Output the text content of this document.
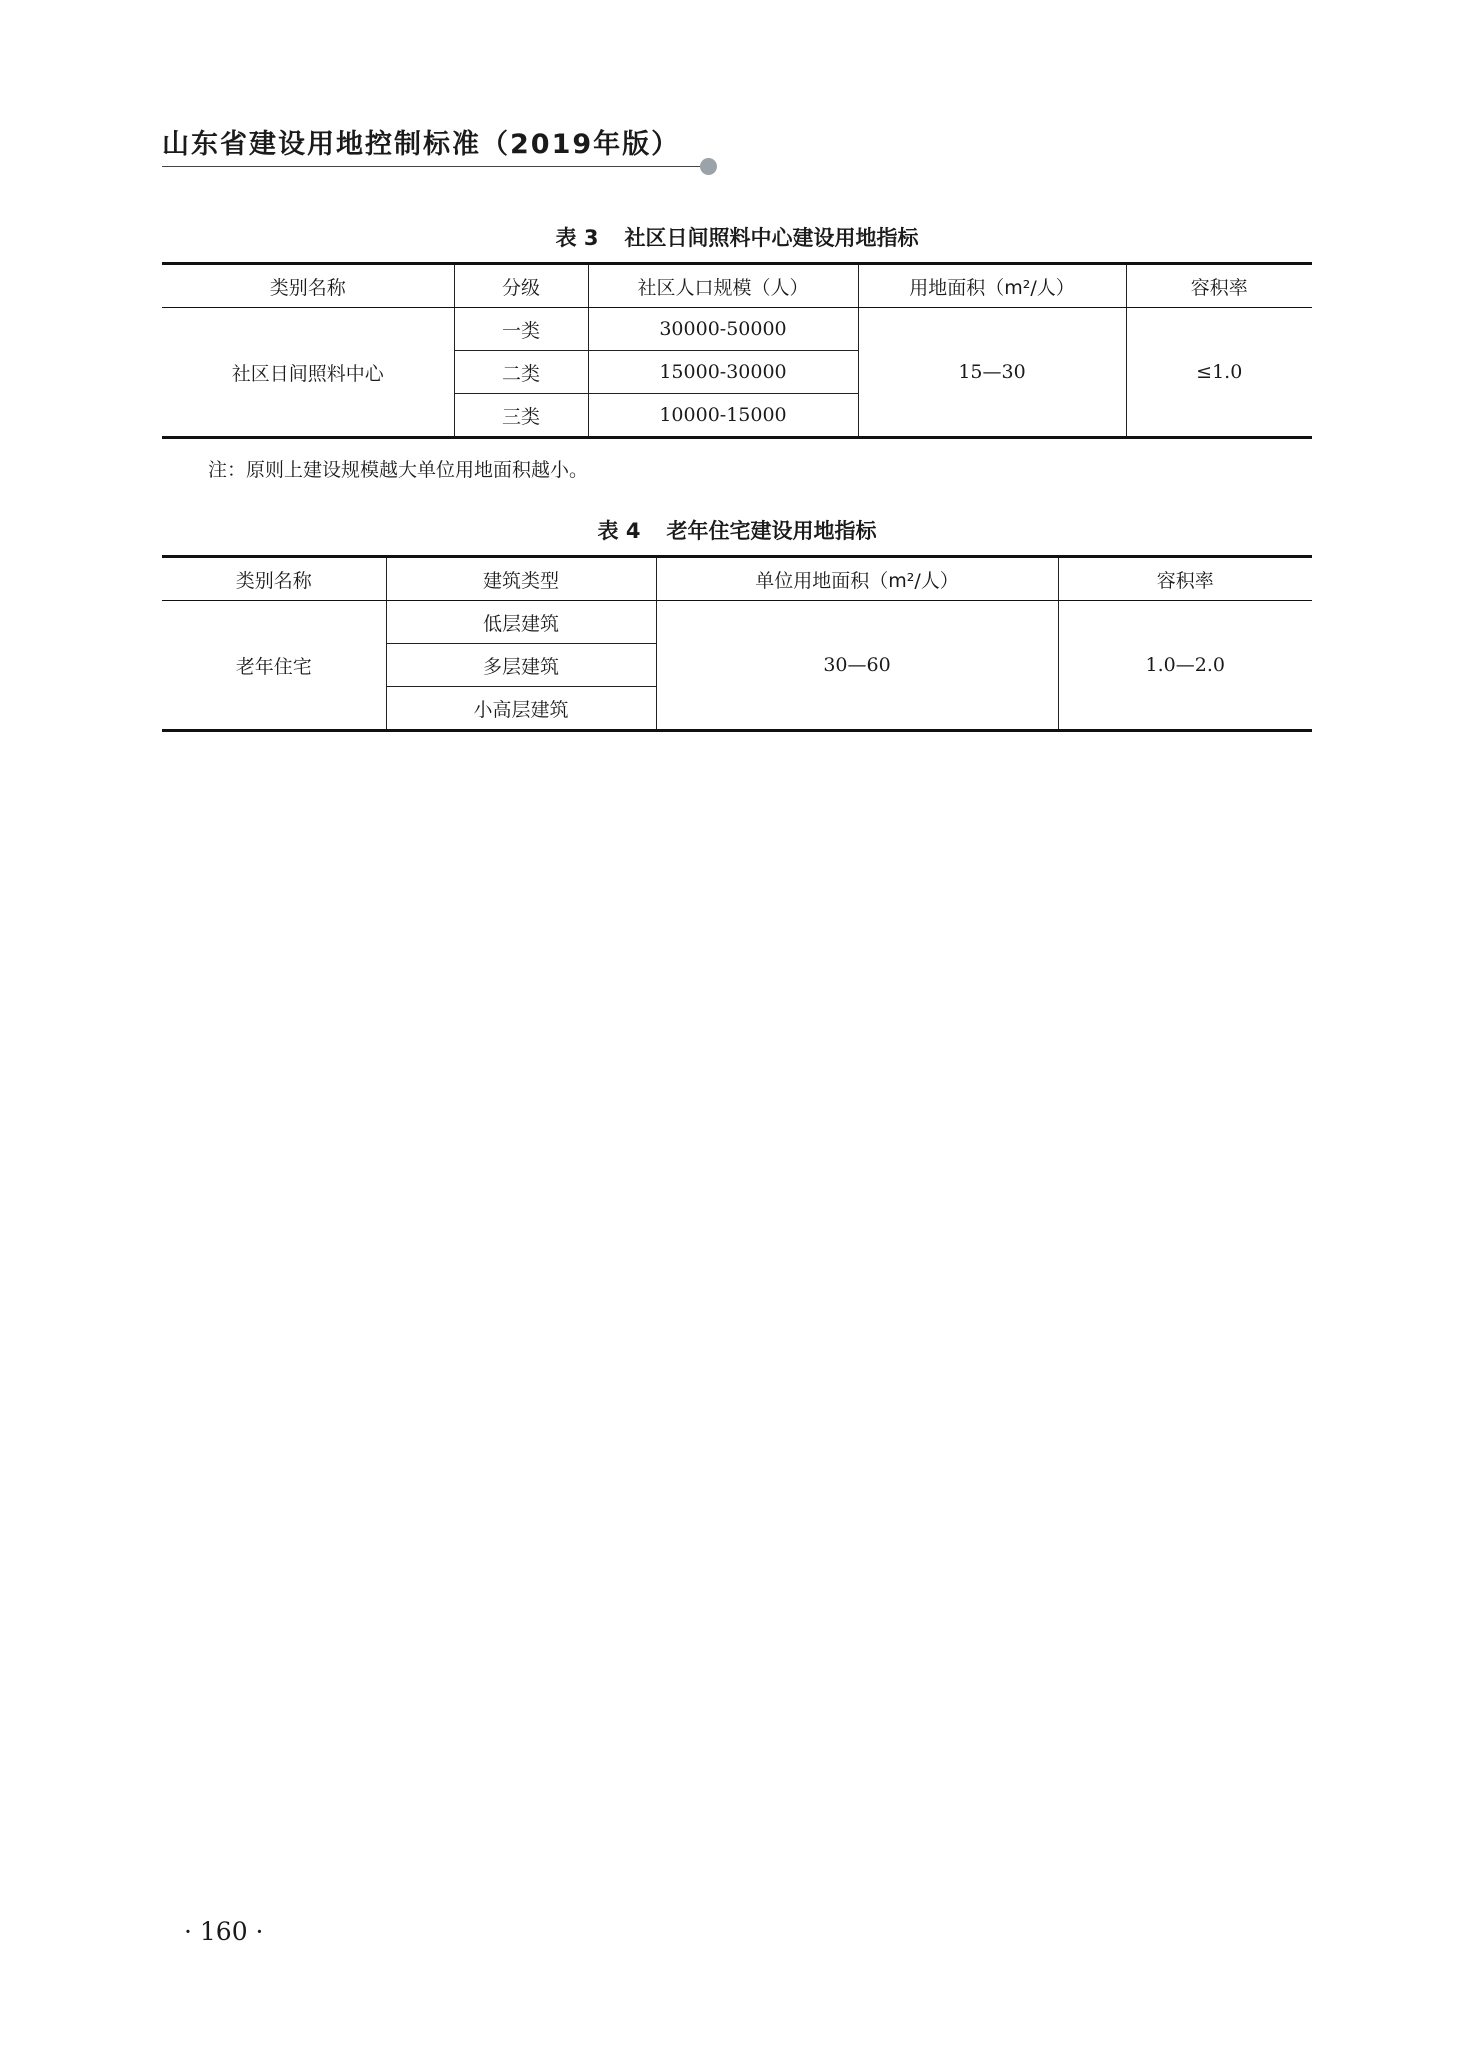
山东省建设用地控制标准（2019年版）
表 3 社区日间照料中心建设用地指标
类别名称	分级	社区人口规模（人）	用地面积（m²/人）	容积率
社区日间照料中心	一类	30000-50000	15—30	≤1.0
	二类	15000-30000		
	三类	10000-15000		
注：原则上建设规模越大单位用地面积越小。
表 4 老年住宅建设用地指标
类别名称	建筑类型	单位用地面积（m²/人）	容积率
老年住宅	低层建筑	30—60	1.0—2.0
	多层建筑		
	小高层建筑		
· 160 ·
